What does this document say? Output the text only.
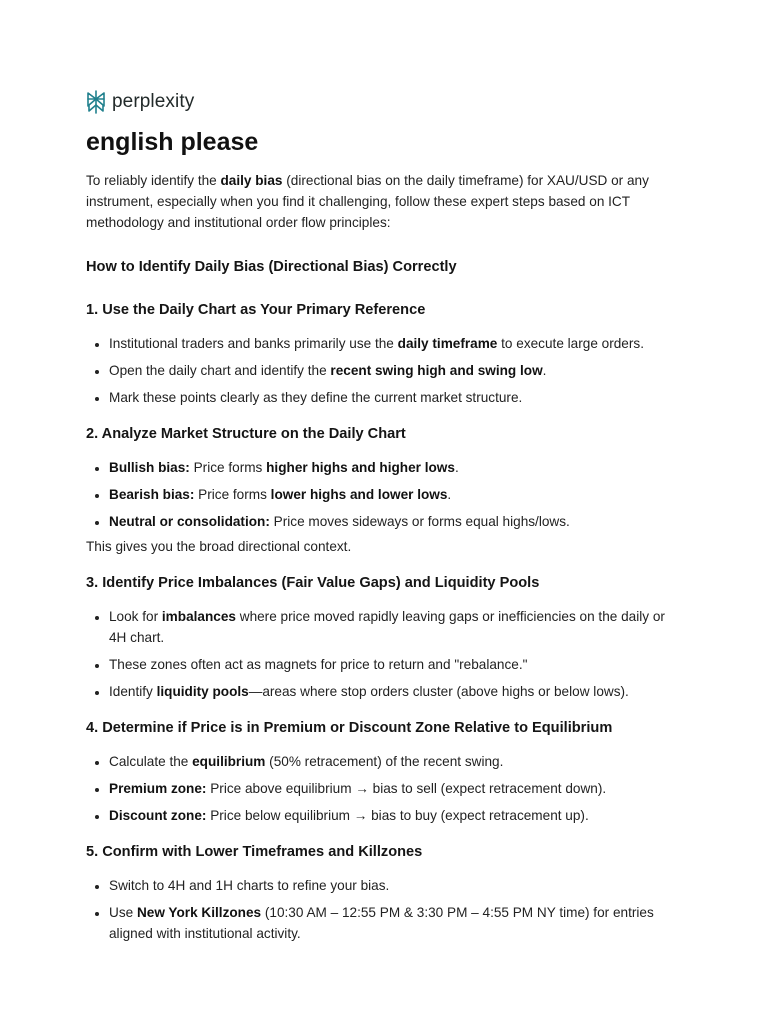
perplexity
english please

To reliably identify the daily bias (directional bias on the daily timeframe) for XAU/USD or any instrument, especially when you find it challenging, follow these expert steps based on ICT methodology and institutional order flow principles:

How to Identify Daily Bias (Directional Bias) Correctly
1. Use the Daily Chart as Your Primary Reference
• Institutional traders and banks primarily use the daily timeframe to execute large orders.
• Open the daily chart and identify the recent swing high and swing low.
• Mark these points clearly as they define the current market structure.
2. Analyze Market Structure on the Daily Chart
• Bullish bias: Price forms higher highs and higher lows.
• Bearish bias: Price forms lower highs and lower lows.
• Neutral or consolidation: Price moves sideways or forms equal highs/lows.

This gives you the broad directional context.

3. Identify Price Imbalances (Fair Value Gaps) and Liquidity Pools
• Look for imbalances where price moved rapidly leaving gaps or inefficiencies on the daily or 4H chart.
• These zones often act as magnets for price to return and "rebalance."
• Identify liquidity pools—areas where stop orders cluster (above highs or below lows).
4. Determine if Price is in Premium or Discount Zone Relative to Equilibrium
• Calculate the equilibrium (50% retracement) of the recent swing.
• Premium zone: Price above equilibrium → bias to sell (expect retracement down).
• Discount zone: Price below equilibrium → bias to buy (expect retracement up).
5. Confirm with Lower Timeframes and Killzones
• Switch to 4H and 1H charts to refine your bias.
• Use New York Killzones (10:30 AM – 12:55 PM & 3:30 PM – 4:55 PM NY time) for entries aligned with institutional activity.
